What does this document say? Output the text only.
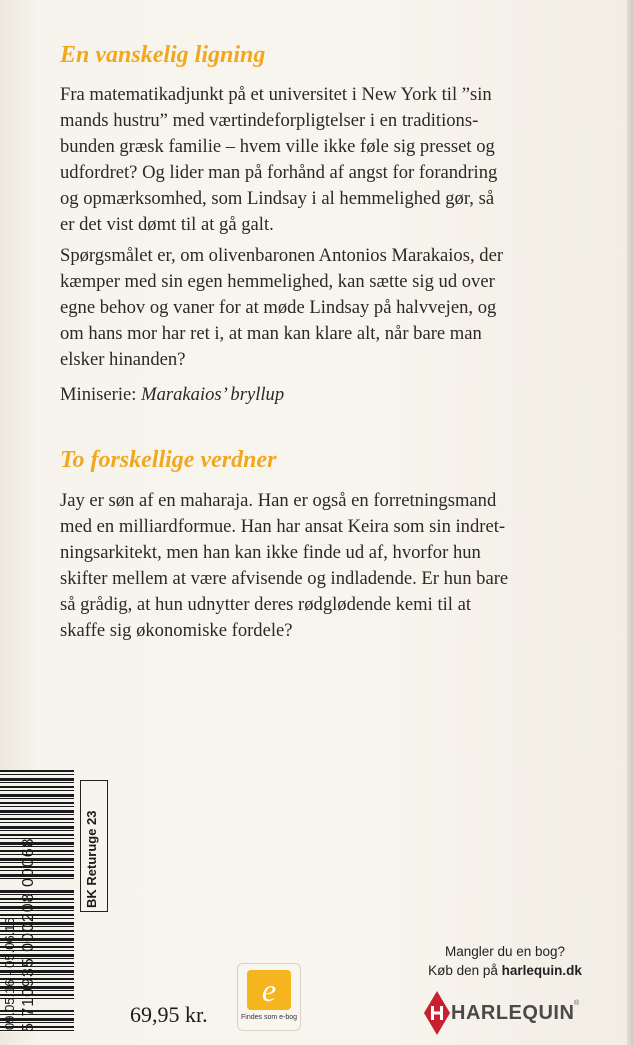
En vanskelig ligning

Fra matematikadjunkt på et universitet i New York til ”sin
mands hustru” med værtindeforpligtelser i en traditions-
bunden græsk familie – hvem ville ikke føle sig presset og
udfordret? Og lider man på forhånd af angst for forandring
og opmærksomhed, som Lindsay i al hemmelighed gør, så
er det vist dømt til at gå galt.

Spørgsmålet er, om olivenbaronen Antonios Marakaios, der
kæmper med sin egen hemmelighed, kan sætte sig ud over
egne behov og vaner for at møde Lindsay på halvvejen, og
om hans mor har ret i, at man kan klare alt, når bare man
elsker hinanden?

Miniserie: Marakaios’ bryllup

To forskellige verdner

Jay er søn af en maharaja. Han er også en forretningsmand
med en milliardformue. Han har ansat Keira som sin indret-
ningsarkitekt, men han kan ikke finde ud af, hvorfor hun
skifter mellem at være afvisende og indladende. Er hun bare
så grådig, at hun udnytter deres rødglødende kemi til at
skaffe sig økonomiske fordele?

09.05.16 - 05.06.16 5 710935 000208 00068	BK Returuge 23

69,95 kr.

e
Findes som e-bog

Mangler du en bog?
Køb den på harlequin.dk

HARLEQUIN ®
